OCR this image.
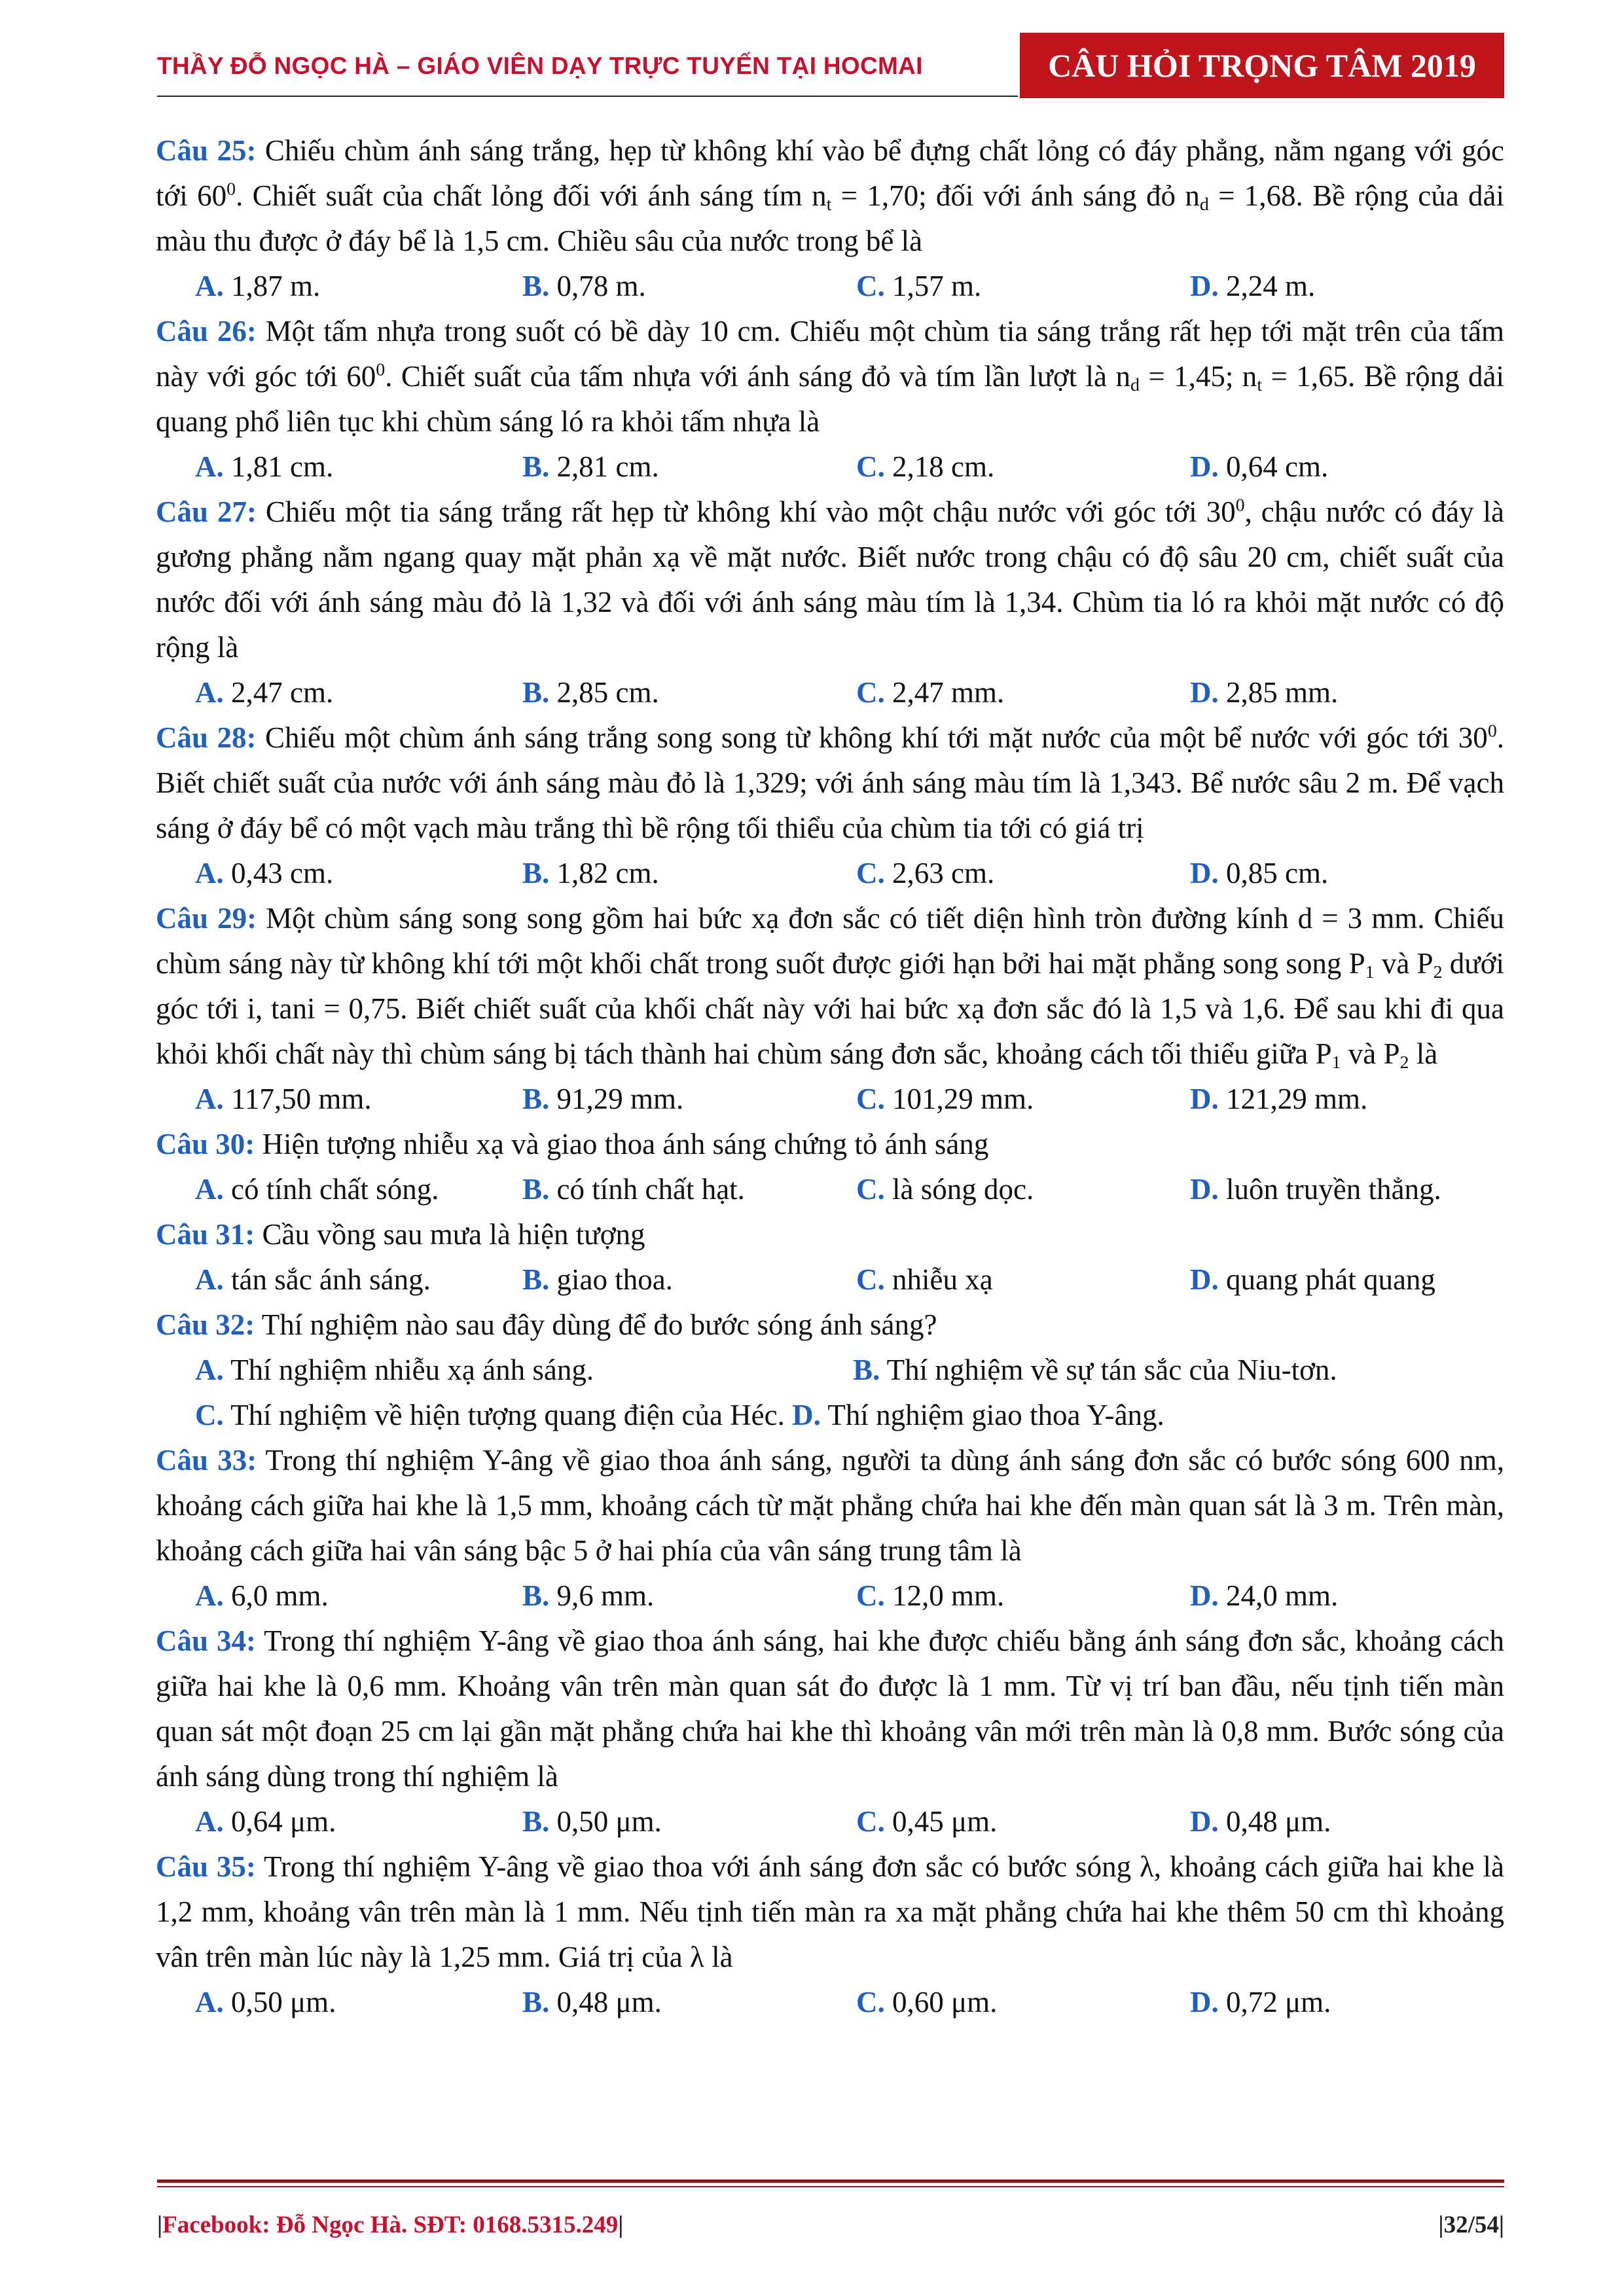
THẦY ĐỖ NGỌC HÀ – GIÁO VIÊN DẠY TRỰC TUYẾN TẠI HOCMAI	CÂU HỎI TRỌNG TÂM 2019
Câu 25: Chiếu chùm ánh sáng trắng, hẹp từ không khí vào bể đựng chất lỏng có đáy phẳng, nằm ngang với góc tới $60^0$. Chiết suất của chất lỏng đối với ánh sáng tím $n_t = 1,70$; đối với ánh sáng đỏ $n_d = 1,68$. Bề rộng của dải màu thu được ở đáy bể là 1,5 cm. Chiều sâu của nước trong bể là
A. 1,87 m.	B. 0,78 m.	C. 1,57 m.	D. 2,24 m.
Câu 26: Một tấm nhựa trong suốt có bề dày 10 cm. Chiếu một chùm tia sáng trắng rất hẹp tới mặt trên của tấm này với góc tới $60^0$. Chiết suất của tấm nhựa với ánh sáng đỏ và tím lần lượt là $n_d = 1,45$; $n_t = 1,65$. Bề rộng dải quang phổ liên tục khi chùm sáng ló ra khỏi tấm nhựa là
A. 1,81 cm.	B. 2,81 cm.	C. 2,18 cm.	D. 0,64 cm.
Câu 27: Chiếu một tia sáng trắng rất hẹp từ không khí vào một chậu nước với góc tới $30^0$, chậu nước có đáy là gương phẳng nằm ngang quay mặt phản xạ về mặt nước. Biết nước trong chậu có độ sâu 20 cm, chiết suất của nước đối với ánh sáng màu đỏ là 1,32 và đối với ánh sáng màu tím là 1,34. Chùm tia ló ra khỏi mặt nước có độ rộng là
A. 2,47 cm.	B. 2,85 cm.	C. 2,47 mm.	D. 2,85 mm.
Câu 28: Chiếu một chùm ánh sáng trắng song song từ không khí tới mặt nước của một bể nước với góc tới $30^0$. Biết chiết suất của nước với ánh sáng màu đỏ là 1,329; với ánh sáng màu tím là 1,343. Bể nước sâu 2 m. Để vạch sáng ở đáy bể có một vạch màu trắng thì bề rộng tối thiểu của chùm tia tới có giá trị
A. 0,43 cm.	B. 1,82 cm.	C. 2,63 cm.	D. 0,85 cm.
Câu 29: Một chùm sáng song song gồm hai bức xạ đơn sắc có tiết diện hình tròn đường kính d = 3 mm. Chiếu chùm sáng này từ không khí tới một khối chất trong suốt được giới hạn bởi hai mặt phẳng song song $P_1$ và $P_2$ dưới góc tới i, tani = 0,75. Biết chiết suất của khối chất này với hai bức xạ đơn sắc đó là 1,5 và 1,6. Để sau khi đi qua khỏi khối chất này thì chùm sáng bị tách thành hai chùm sáng đơn sắc, khoảng cách tối thiểu giữa $P_1$ và $P_2$ là
A. 117,50 mm.	B. 91,29 mm.	C. 101,29 mm.	D. 121,29 mm.
Câu 30: Hiện tượng nhiễu xạ và giao thoa ánh sáng chứng tỏ ánh sáng
A. có tính chất sóng.	B. có tính chất hạt.	C. là sóng dọc.	D. luôn truyền thẳng.
Câu 31: Cầu vồng sau mưa là hiện tượng
A. tán sắc ánh sáng.	B. giao thoa.	C. nhiễu xạ	D. quang phát quang
Câu 32: Thí nghiệm nào sau đây dùng để đo bước sóng ánh sáng?
A. Thí nghiệm nhiễu xạ ánh sáng.	B. Thí nghiệm về sự tán sắc của Niu-tơn.
C. Thí nghiệm về hiện tượng quang điện của Héc. D. Thí nghiệm giao thoa Y-âng.
Câu 33: Trong thí nghiệm Y-âng về giao thoa ánh sáng, người ta dùng ánh sáng đơn sắc có bước sóng 600 nm, khoảng cách giữa hai khe là 1,5 mm, khoảng cách từ mặt phẳng chứa hai khe đến màn quan sát là 3 m. Trên màn, khoảng cách giữa hai vân sáng bậc 5 ở hai phía của vân sáng trung tâm là
A. 6,0 mm.	B. 9,6 mm.	C. 12,0 mm.	D. 24,0 mm.
Câu 34: Trong thí nghiệm Y-âng về giao thoa ánh sáng, hai khe được chiếu bằng ánh sáng đơn sắc, khoảng cách giữa hai khe là 0,6 mm. Khoảng vân trên màn quan sát đo được là 1 mm. Từ vị trí ban đầu, nếu tịnh tiến màn quan sát một đoạn 25 cm lại gần mặt phẳng chứa hai khe thì khoảng vân mới trên màn là 0,8 mm. Bước sóng của ánh sáng dùng trong thí nghiệm là
A. 0,64 μm.	B. 0,50 μm.	C. 0,45 μm.	D. 0,48 μm.
Câu 35: Trong thí nghiệm Y-âng về giao thoa với ánh sáng đơn sắc có bước sóng λ, khoảng cách giữa hai khe là 1,2 mm, khoảng vân trên màn là 1 mm. Nếu tịnh tiến màn ra xa mặt phẳng chứa hai khe thêm 50 cm thì khoảng vân trên màn lúc này là 1,25 mm. Giá trị của λ là
A. 0,50 μm.	B. 0,48 μm.	C. 0,60 μm.	D. 0,72 μm.
|Facebook: Đỗ Ngọc Hà. SĐT: 0168.5315.249|	|32/54|
